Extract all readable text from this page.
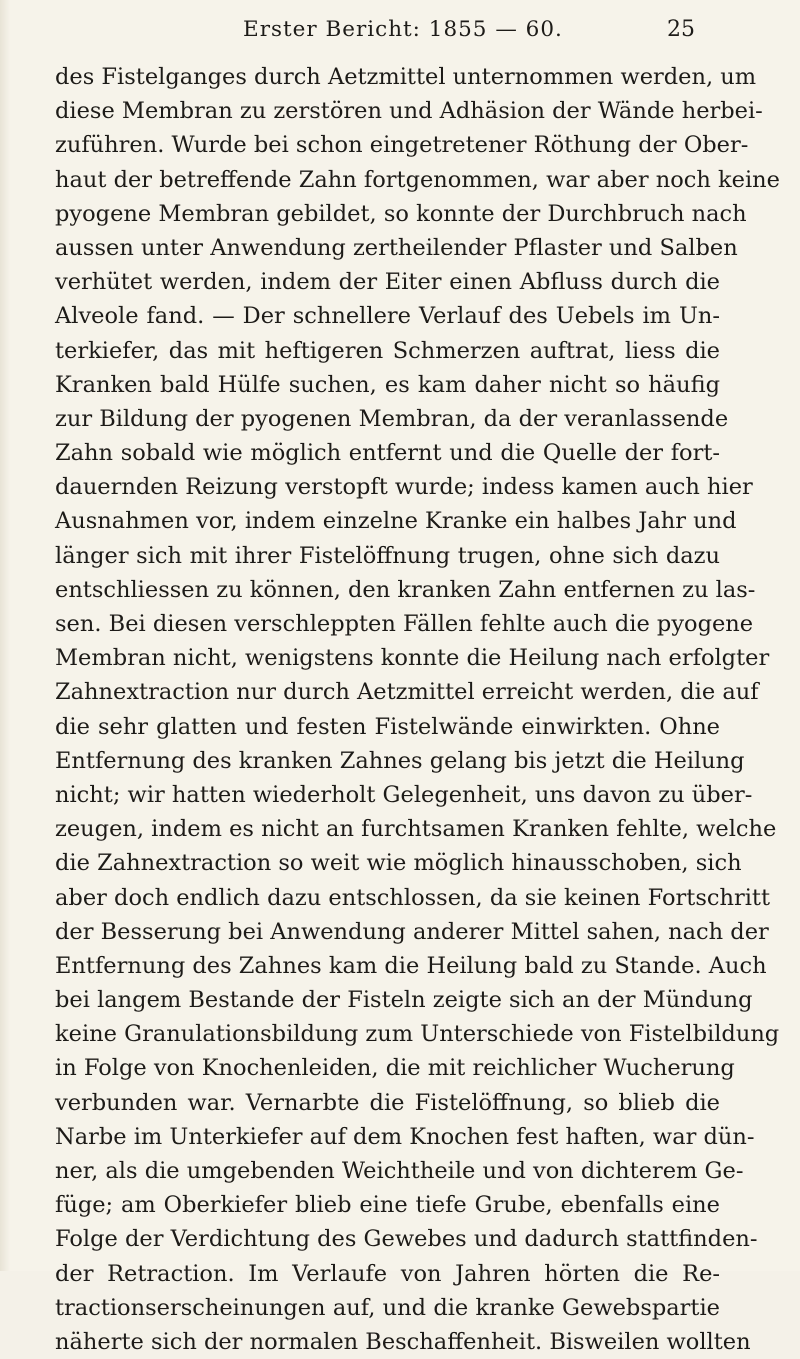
Erster Bericht: 1855 — 60.	25
des Fistelganges durch Aetzmittel unternommen werden, um
diese Membran zu zerstören und Adhäsion der Wände herbei-
zuführen. Wurde bei schon eingetretener Röthung der Ober-
haut der betreffende Zahn fortgenommen, war aber noch keine
pyogene Membran gebildet, so konnte der Durchbruch nach
aussen unter Anwendung zertheilender Pflaster und Salben
verhütet werden, indem der Eiter einen Abfluss durch die
Alveole fand. — Der schnellere Verlauf des Uebels im Un-
terkiefer, das mit heftigeren Schmerzen auftrat, liess die
Kranken bald Hülfe suchen, es kam daher nicht so häufig
zur Bildung der pyogenen Membran, da der veranlassende
Zahn sobald wie möglich entfernt und die Quelle der fort-
dauernden Reizung verstopft wurde; indess kamen auch hier
Ausnahmen vor, indem einzelne Kranke ein halbes Jahr und
länger sich mit ihrer Fistelöffnung trugen, ohne sich dazu
entschliessen zu können, den kranken Zahn entfernen zu las-
sen. Bei diesen verschleppten Fällen fehlte auch die pyogene
Membran nicht, wenigstens konnte die Heilung nach erfolgter
Zahnextraction nur durch Aetzmittel erreicht werden, die auf
die sehr glatten und festen Fistelwände einwirkten. Ohne
Entfernung des kranken Zahnes gelang bis jetzt die Heilung
nicht; wir hatten wiederholt Gelegenheit, uns davon zu über-
zeugen, indem es nicht an furchtsamen Kranken fehlte, welche
die Zahnextraction so weit wie möglich hinausschoben, sich
aber doch endlich dazu entschlossen, da sie keinen Fortschritt
der Besserung bei Anwendung anderer Mittel sahen, nach der
Entfernung des Zahnes kam die Heilung bald zu Stande. Auch
bei langem Bestande der Fisteln zeigte sich an der Mündung
keine Granulationsbildung zum Unterschiede von Fistelbildung
in Folge von Knochenleiden, die mit reichlicher Wucherung
verbunden war. Vernarbte die Fistelöffnung, so blieb die
Narbe im Unterkiefer auf dem Knochen fest haften, war dün-
ner, als die umgebenden Weichtheile und von dichterem Ge-
füge; am Oberkiefer blieb eine tiefe Grube, ebenfalls eine
Folge der Verdichtung des Gewebes und dadurch stattfinden-
der Retraction. Im Verlaufe von Jahren hörten die Re-
tractionserscheinungen auf, und die kranke Gewebspartie
näherte sich der normalen Beschaffenheit. Bisweilen wollten
